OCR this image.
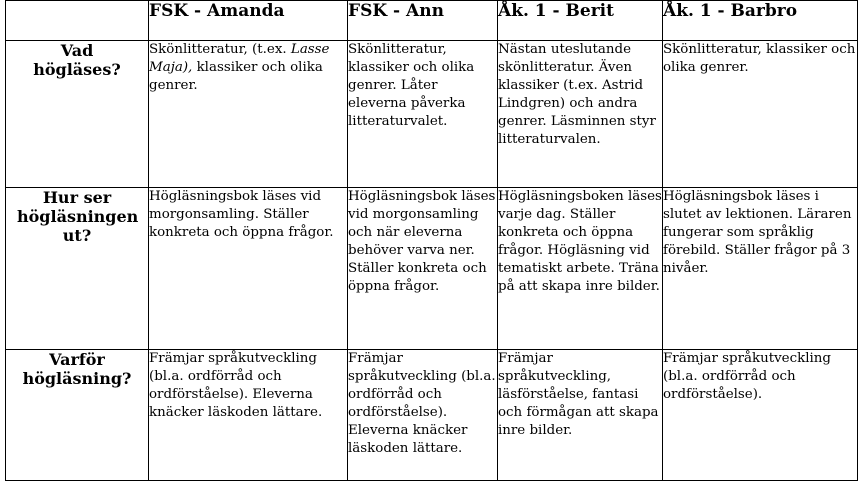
	FSK - Amanda	FSK - Ann	Åk. 1 - Berit	Åk. 1 - Barbro
Vad högläses?	Skönlitteratur, (t.ex. Lasse Maja), klassiker och olika genrer.	Skönlitteratur, klassiker och olika genrer. Låter eleverna påverka litteraturvalet.	Nästan uteslutande skönlitteratur. Även klassiker (t.ex. Astrid Lindgren) och andra genrer. Läsminnen styr litteraturvalen.	Skönlitteratur, klassiker och olika genrer.
Hur ser högläsningen ut?	Högläsningsbok läses vid morgonsamling. Ställer konkreta och öppna frågor.	Högläsningsbok läses vid morgonsamling och när eleverna behöver varva ner. Ställer konkreta och öppna frågor.	Högläsningsboken läses varje dag. Ställer konkreta och öppna frågor. Högläsning vid tematiskt arbete. Träna på att skapa inre bilder.	Högläsningsbok läses i slutet av lektionen. Läraren fungerar som språklig förebild. Ställer frågor på 3 nivåer.
Varför högläsning?	Främjar språkutveckling (bl.a. ordförråd och ordförståelse). Eleverna knäcker läskoden lättare.	Främjar språkutveckling (bl.a. ordförråd och ordförståelse). Eleverna knäcker läskoden lättare.	Främjar språkutveckling, läsförståelse, fantasi och förmågan att skapa inre bilder.	Främjar språkutveckling (bl.a. ordförråd och ordförståelse).
